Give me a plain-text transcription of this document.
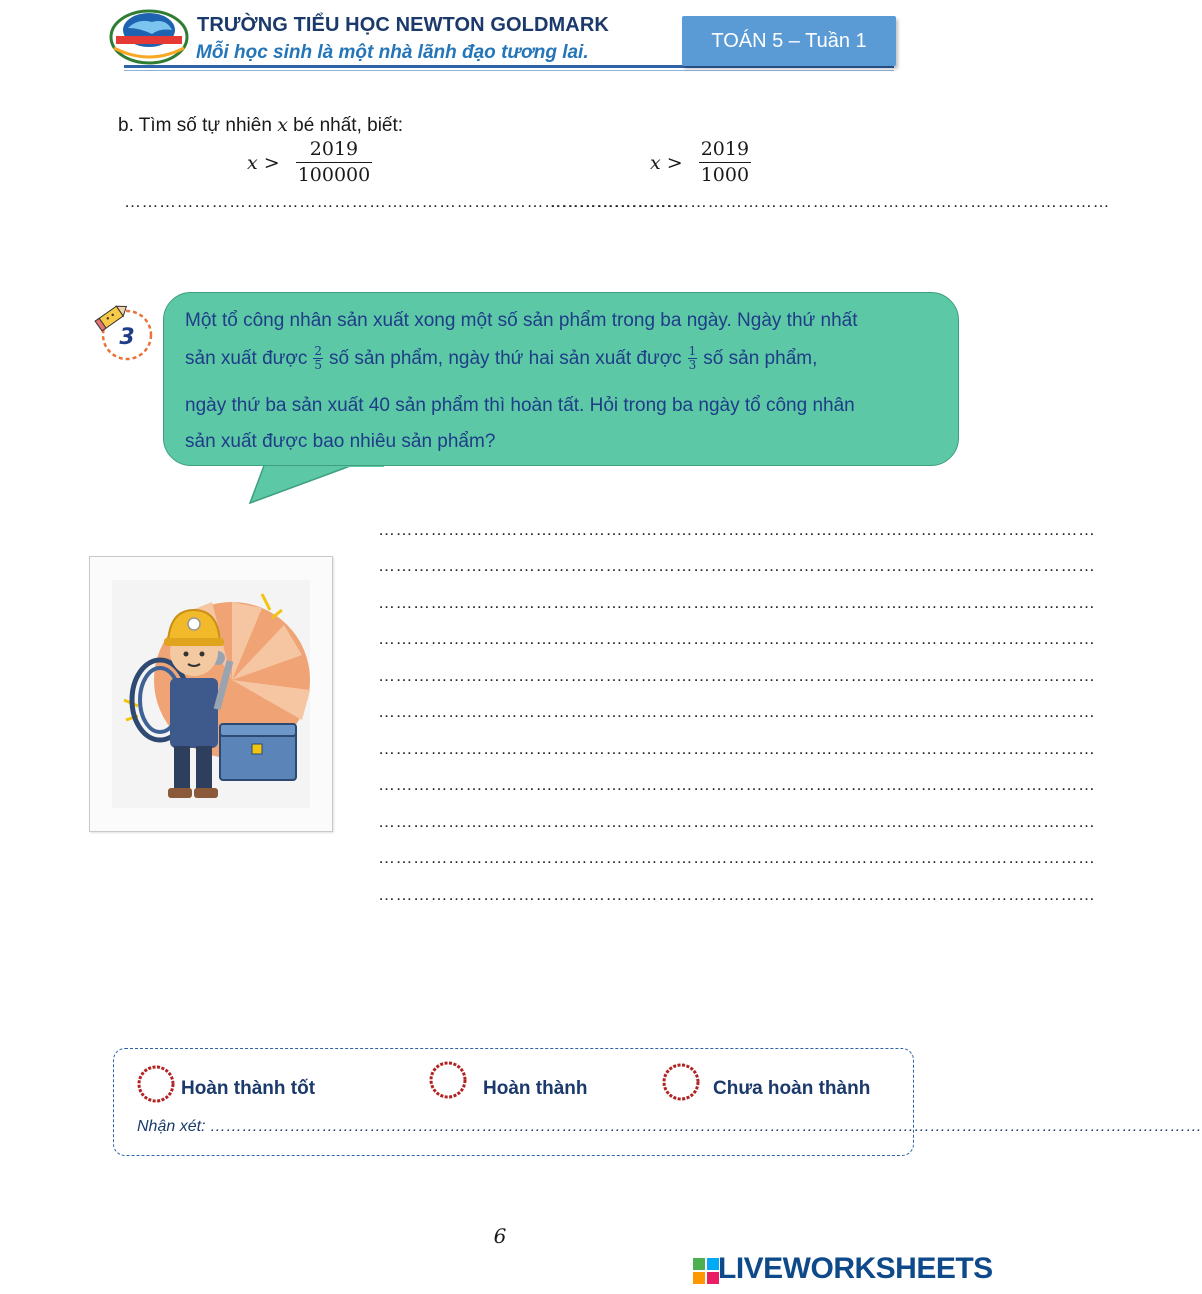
TRƯỜNG TIỂU HỌC NEWTON GOLDMARK
Mỗi học sinh là một nhà lãnh đạo tương lai.
TOÁN 5 – Tuần 1
b. Tìm số tự nhiên x bé nhất, biết:
$x > \frac{2019}{100000}$	$x > \frac{2019}{1000}$
……………………………………………………………………………………
……………………………………………………………………………………
3
Một tổ công nhân sản xuất xong một số sản phẩm trong ba ngày. Ngày thứ nhất
sản xuất được $\frac{2}{5}$ số sản phẩm, ngày thứ hai sản xuất được $\frac{1}{3}$ số sản phẩm,
ngày thứ ba sản xuất 40 sản phẩm thì hoàn tất. Hỏi trong ba ngày tổ công nhân
sản xuất được bao nhiêu sản phẩm?
……………………………………………………………………………………………………………
……………………………………………………………………………………………………………
……………………………………………………………………………………………………………
……………………………………………………………………………………………………………
……………………………………………………………………………………………………………
……………………………………………………………………………………………………………
……………………………………………………………………………………………………………
……………………………………………………………………………………………………………
……………………………………………………………………………………………………………
……………………………………………………………………………………………………………
……………………………………………………………………………………………………………
Hoàn thành tốt	Hoàn thành	Chưa hoàn thành
Nhận xét: ……………………………………………………………………………………………………………………………………………………………………
6
LIVEWORKSHEETS
